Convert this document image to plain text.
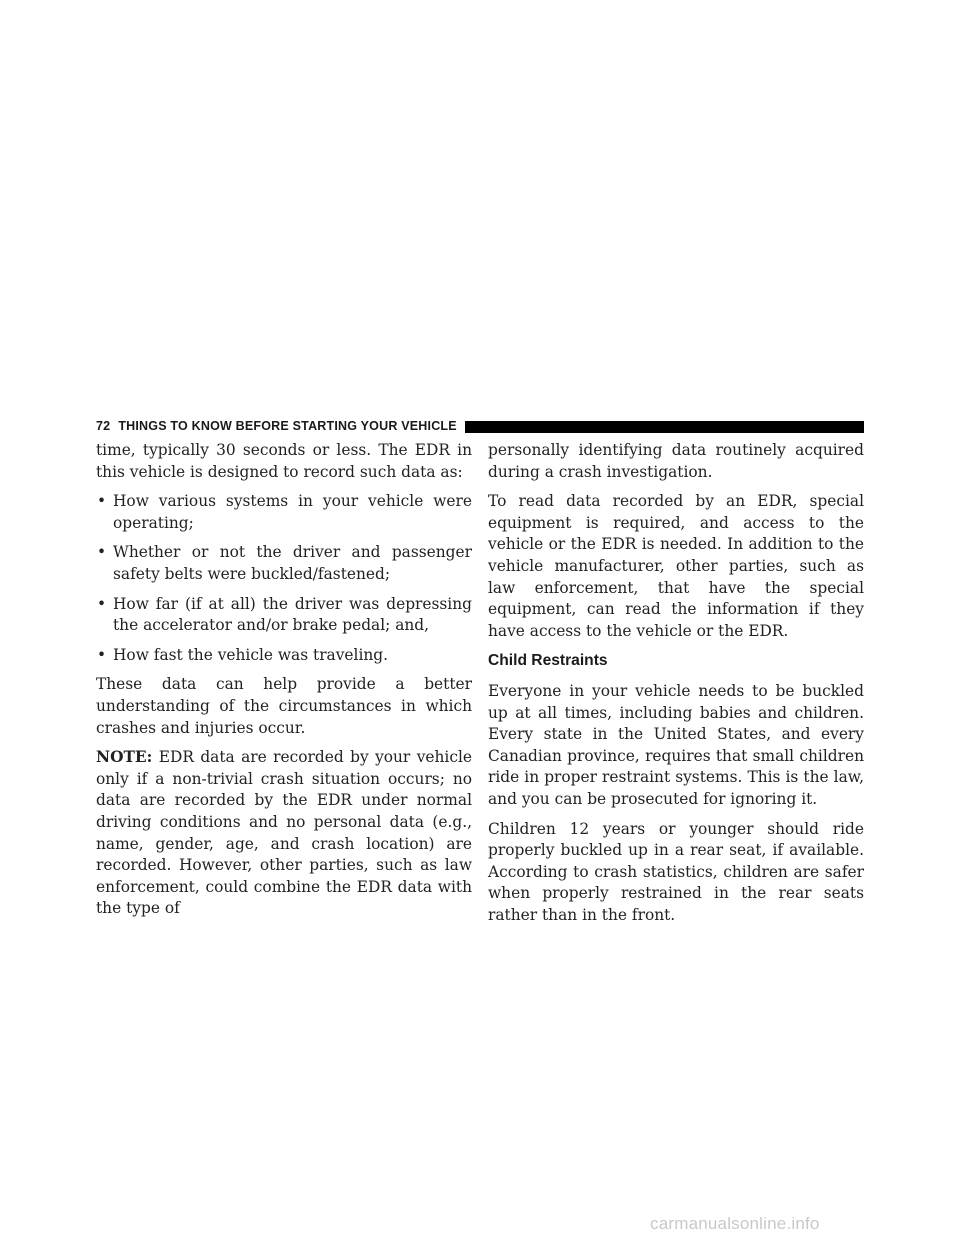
72 THINGS TO KNOW BEFORE STARTING YOUR VEHICLE

time, typically 30 seconds or less. The EDR in this vehicle is designed to record such data as:

• How various systems in your vehicle were operating;
• Whether or not the driver and passenger safety belts were buckled/fastened;
• How far (if at all) the driver was depressing the accelerator and/or brake pedal; and,
• How fast the vehicle was traveling.

These data can help provide a better understanding of the circumstances in which crashes and injuries occur.

NOTE: EDR data are recorded by your vehicle only if a non-trivial crash situation occurs; no data are recorded by the EDR under normal driving conditions and no personal data (e.g., name, gender, age, and crash location) are recorded. However, other parties, such as law enforcement, could combine the EDR data with the type of

personally identifying data routinely acquired during a crash investigation.

To read data recorded by an EDR, special equipment is required, and access to the vehicle or the EDR is needed. In addition to the vehicle manufacturer, other parties, such as law enforcement, that have the special equipment, can read the information if they have access to the vehicle or the EDR.

Child Restraints

Everyone in your vehicle needs to be buckled up at all times, including babies and children. Every state in the United States, and every Canadian province, requires that small children ride in proper restraint systems. This is the law, and you can be prosecuted for ignoring it.

Children 12 years or younger should ride properly buckled up in a rear seat, if available. According to crash statistics, children are safer when properly restrained in the rear seats rather than in the front.

carmanualsonline.info
